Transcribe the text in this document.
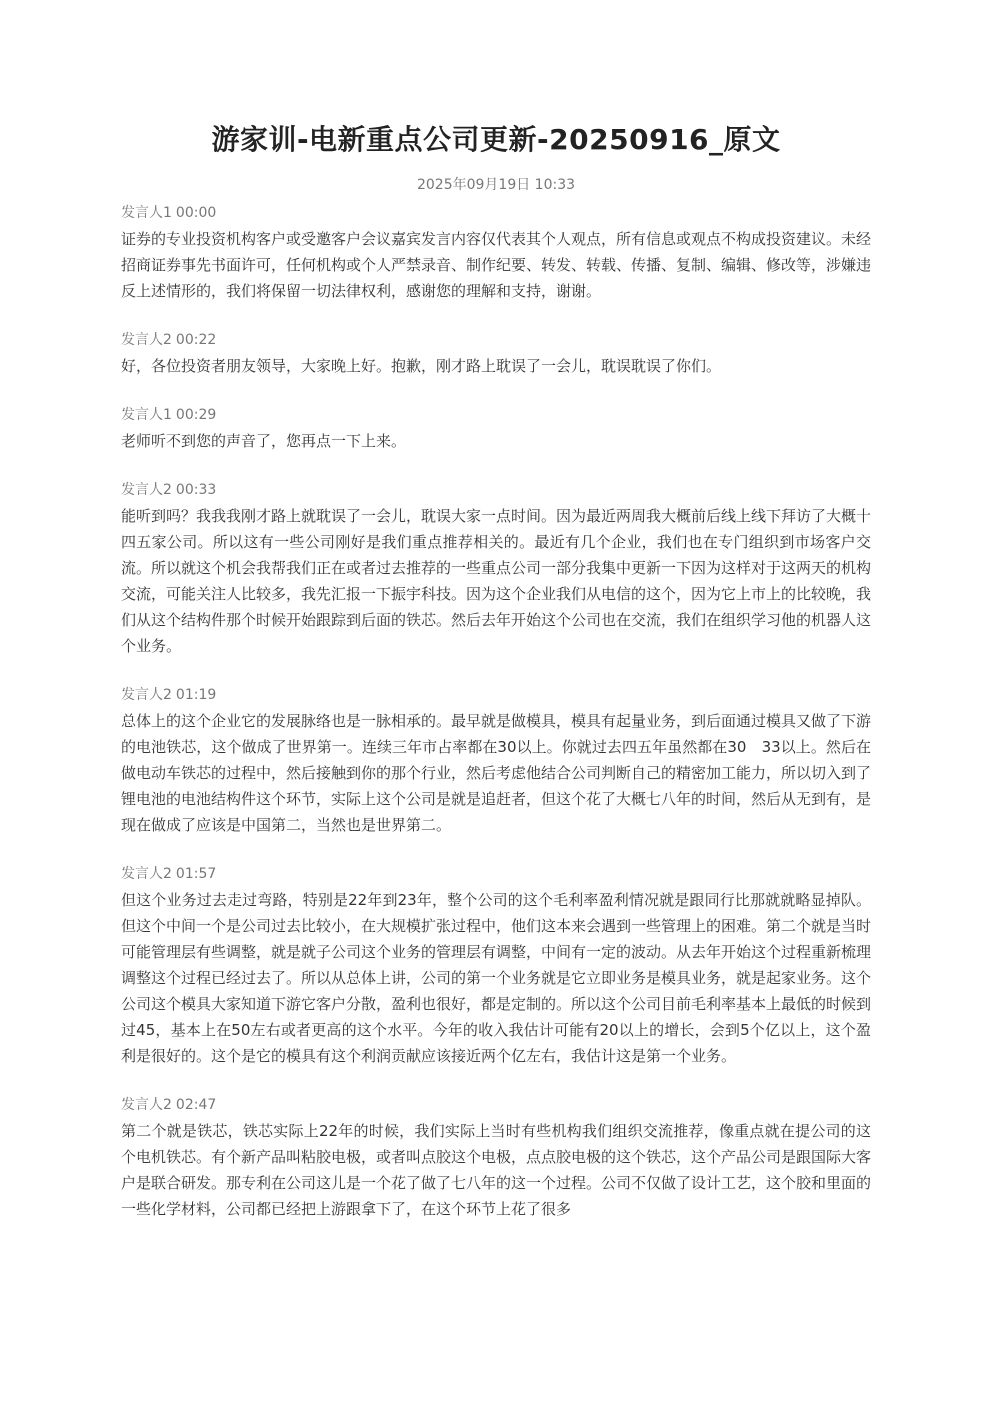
游家训-电新重点公司更新-20250916_原文
2025年09月19日 10:33
发言人1 00:00

证券的专业投资机构客户或受邀客户会议嘉宾发言内容仅代表其个人观点，所有信息或观点不构成投资建议。未经招商证券事先书面许可，任何机构或个人严禁录音、制作纪要、转发、转载、传播、复制、编辑、修改等，涉嫌违反上述情形的，我们将保留一切法律权利，感谢您的理解和支持，谢谢。

发言人2 00:22

好，各位投资者朋友领导，大家晚上好。抱歉，刚才路上耽误了一会儿，耽误耽误了你们。

发言人1 00:29

老师听不到您的声音了，您再点一下上来。

发言人2 00:33

能听到吗？我我我刚才路上就耽误了一会儿，耽误大家一点时间。因为最近两周我大概前后线上线下拜访了大概十四五家公司。所以这有一些公司刚好是我们重点推荐相关的。最近有几个企业，我们也在专门组织到市场客户交流。所以就这个机会我帮我们正在或者过去推荐的一些重点公司一部分我集中更新一下因为这样对于这两天的机构交流，可能关注人比较多，我先汇报一下振宇科技。因为这个企业我们从电信的这个，因为它上市上的比较晚，我们从这个结构件那个时候开始跟踪到后面的铁芯。然后去年开始这个公司也在交流，我们在组织学习他的机器人这个业务。

发言人2 01:19

总体上的这个企业它的发展脉络也是一脉相承的。最早就是做模具，模具有起量业务，到后面通过模具又做了下游的电池铁芯，这个做成了世界第一。连续三年市占率都在30以上。你就过去四五年虽然都在30　33以上。然后在做电动车铁芯的过程中，然后接触到你的那个行业，然后考虑他结合公司判断自己的精密加工能力，所以切入到了锂电池的电池结构件这个环节，实际上这个公司是就是追赶者，但这个花了大概七八年的时间，然后从无到有，是现在做成了应该是中国第二，当然也是世界第二。

发言人2 01:57

但这个业务过去走过弯路，特别是22年到23年，整个公司的这个毛利率盈利情况就是跟同行比那就就略显掉队。但这个中间一个是公司过去比较小，在大规模扩张过程中，他们这本来会遇到一些管理上的困难。第二个就是当时可能管理层有些调整，就是就子公司这个业务的管理层有调整，中间有一定的波动。从去年开始这个过程重新梳理调整这个过程已经过去了。所以从总体上讲，公司的第一个业务就是它立即业务是模具业务，就是起家业务。这个公司这个模具大家知道下游它客户分散，盈利也很好，都是定制的。所以这个公司目前毛利率基本上最低的时候到过45，基本上在50左右或者更高的这个水平。今年的收入我估计可能有20以上的增长，会到5个亿以上，这个盈利是很好的。这个是它的模具有这个利润贡献应该接近两个亿左右，我估计这是第一个业务。

发言人2 02:47

第二个就是铁芯，铁芯实际上22年的时候，我们实际上当时有些机构我们组织交流推荐，像重点就在提公司的这个电机铁芯。有个新产品叫粘胶电极，或者叫点胶这个电极，点点胶电极的这个铁芯，这个产品公司是跟国际大客户是联合研发。那专利在公司这儿是一个花了做了七八年的这一个过程。公司不仅做了设计工艺，这个胶和里面的一些化学材料，公司都已经把上游跟拿下了，在这个环节上花了很多
